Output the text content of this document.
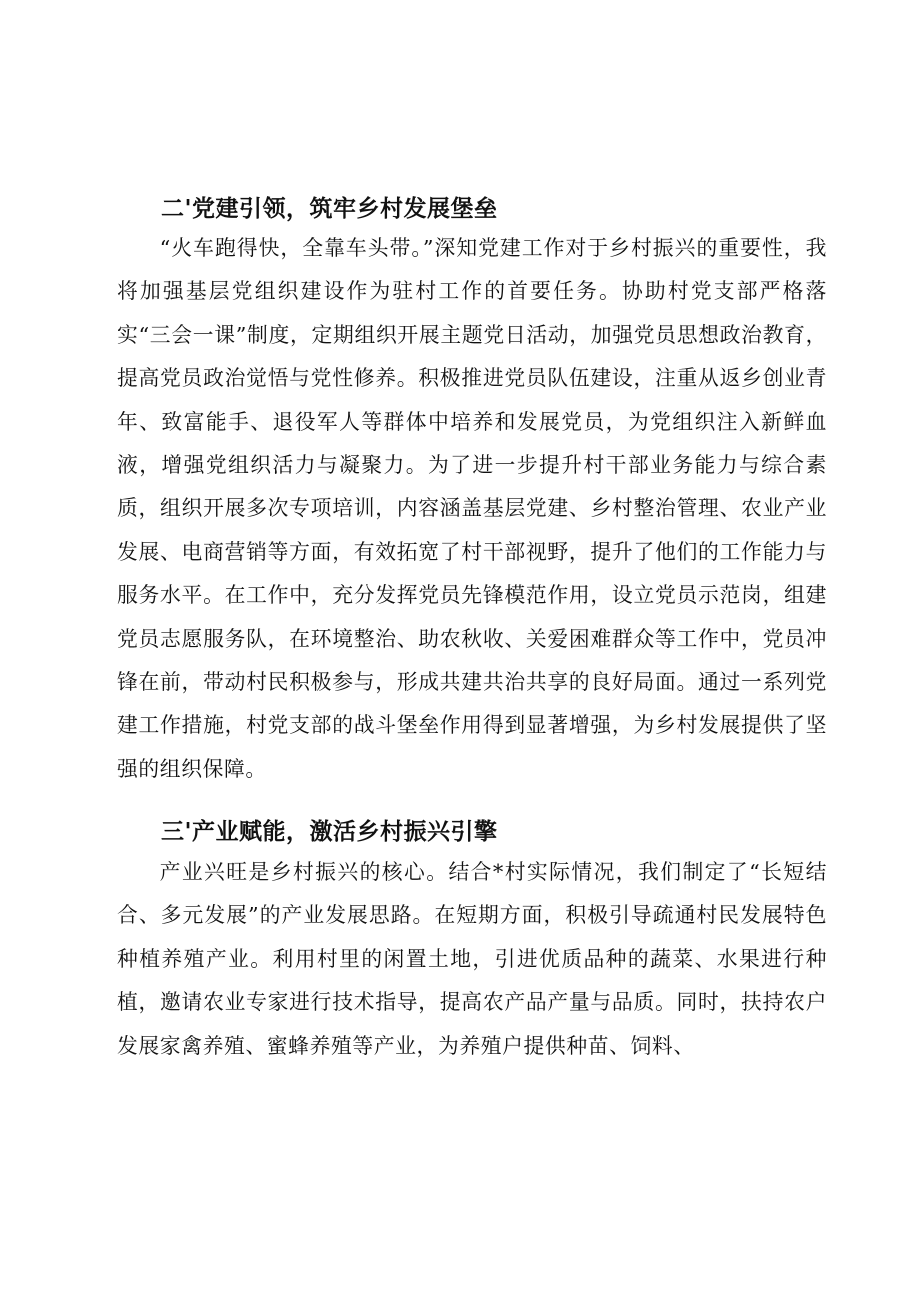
二'党建引领，筑牢乡村发展堡垒

“火车跑得快，全靠车头带。”深知党建工作对于乡村振兴的重要性，我将加强基层党组织建设作为驻村工作的首要任务。协助村党支部严格落实“三会一课”制度，定期组织开展主题党日活动，加强党员思想政治教育，提高党员政治觉悟与党性修养。积极推进党员队伍建设，注重从返乡创业青年、致富能手、退役军人等群体中培养和发展党员，为党组织注入新鲜血液，增强党组织活力与凝聚力。为了进一步提升村干部业务能力与综合素质，组织开展多次专项培训，内容涵盖基层党建、乡村整治管理、农业产业发展、电商营销等方面，有效拓宽了村干部视野，提升了他们的工作能力与服务水平。在工作中，充分发挥党员先锋模范作用，设立党员示范岗，组建党员志愿服务队，在环境整治、助农秋收、关爱困难群众等工作中，党员冲锋在前，带动村民积极参与，形成共建共治共享的良好局面。通过一系列党建工作措施，村党支部的战斗堡垒作用得到显著增强，为乡村发展提供了坚强的组织保障。

三'产业赋能，激活乡村振兴引擎

产业兴旺是乡村振兴的核心。结合*村实际情况，我们制定了“长短结合、多元发展”的产业发展思路。在短期方面，积极引导疏通村民发展特色种植养殖产业。利用村里的闲置土地，引进优质品种的蔬菜、水果进行种植，邀请农业专家进行技术指导，提高农产品产量与品质。同时，扶持农户发展家禽养殖、蜜蜂养殖等产业，为养殖户提供种苗、饲料、
